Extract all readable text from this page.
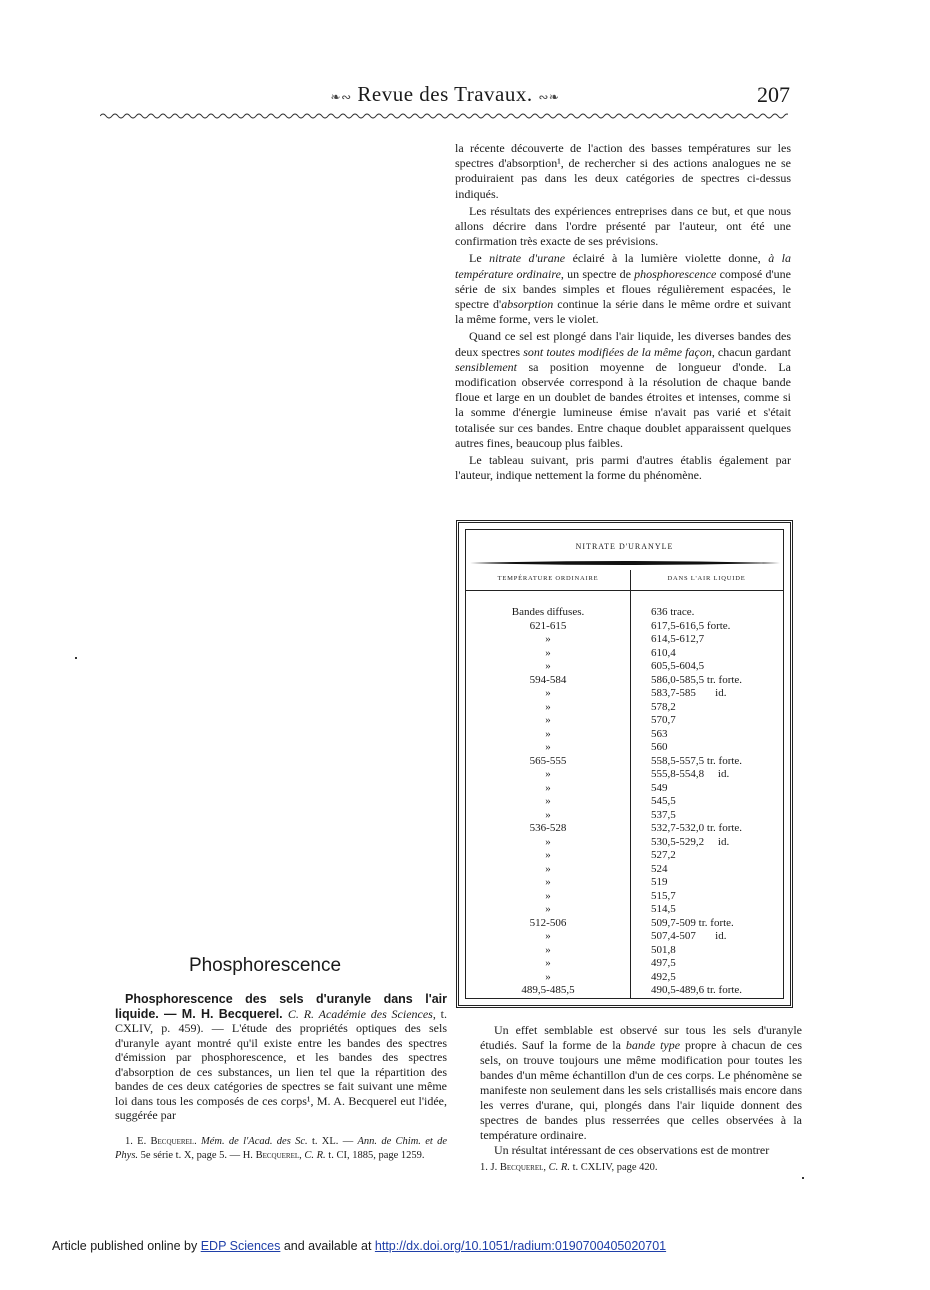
❧∾ Revue des Travaux. ∾❧	207

la récente découverte de l'action des basses températures sur les spectres d'absorption¹, de rechercher si des actions analogues ne se produiraient pas dans les deux catégories de spectres ci-dessus indiqués.

Les résultats des expériences entreprises dans ce but, et que nous allons décrire dans l'ordre présenté par l'auteur, ont été une confirmation très exacte de ses prévisions.

Le nitrate d'urane éclairé à la lumière violette donne, à la température ordinaire, un spectre de phosphorescence composé d'une série de six bandes simples et floues régulièrement espacées, le spectre d'absorption continue la série dans le même ordre et suivant la même forme, vers le violet.

Quand ce sel est plongé dans l'air liquide, les diverses bandes des deux spectres sont toutes modifiées de la même façon, chacun gardant sensiblement sa position moyenne de longueur d'onde. La modification observée correspond à la résolution de chaque bande floue et large en un doublet de bandes étroites et intenses, comme si la somme d'énergie lumineuse émise n'avait pas varié et s'était totalisée sur ces bandes. Entre chaque doublet apparaissent quelques autres fines, beaucoup plus faibles.

Le tableau suivant, pris parmi d'autres établis également par l'auteur, indique nettement la forme du phénomène.

NITRATE D'URANYLE
TEMPÉRATURE ORDINAIRE	DANS L'AIR LIQUIDE
Bandes diffuses.	636 trace.
621-615	617,5-616,5 forte.
»	614,5-612,7
»	610,4
»	605,5-604,5
594-584	586,0-585,5 tr. forte.
»	583,7-585       id.
»	578,2
»	570,7
»	563
»	560
565-555	558,5-557,5 tr. forte.
»	555,8-554,8     id.
»	549
»	545,5
»	537,5
536-528	532,7-532,0 tr. forte.
»	530,5-529,2     id.
»	527,2
»	524
»	519
»	515,7
»	514,5
512-506	509,7-509 tr. forte.
»	507,4-507       id.
»	501,8
»	497,5
»	492,5
489,5-485,5	490,5-489,6 tr. forte.
Phosphorescence

Phosphorescence des sels d'uranyle dans l'air liquide. — M. H. Becquerel. C. R. Académie des Sciences, t. CXLIV, p. 459). — L'étude des propriétés optiques des sels d'uranyle ayant montré qu'il existe entre les bandes des spectres d'émission par phosphorescence, et les bandes des spectres d'absorption de ces substances, un lien tel que la répartition des bandes de ces deux catégories de spectres se fait suivant une même loi dans tous les composés de ces corps¹, M. A. Becquerel eut l'idée, suggérée par

1. E. Becquerel. Mém. de l'Acad. des Sc. t. XL. — Ann. de Chim. et de Phys. 5e série t. X, page 5. — H. Becquerel, C. R. t. CI, 1885, page 1259.

Un effet semblable est observé sur tous les sels d'uranyle étudiés. Sauf la forme de la bande type propre à chacun de ces sels, on trouve toujours une même modification pour toutes les bandes d'un même échantillon d'un de ces corps. Le phénomène se manifeste non seulement dans les sels cristallisés mais encore dans les verres d'urane, qui, plongés dans l'air liquide donnent des spectres de bandes plus resserrées que celles observées à la température ordinaire.

Un résultat intéressant de ces observations est de montrer

1. J. Becquerel, C. R. t. CXLIV, page 420.
Article published online by EDP Sciences and available at http://dx.doi.org/10.1051/radium:0190700405020701
